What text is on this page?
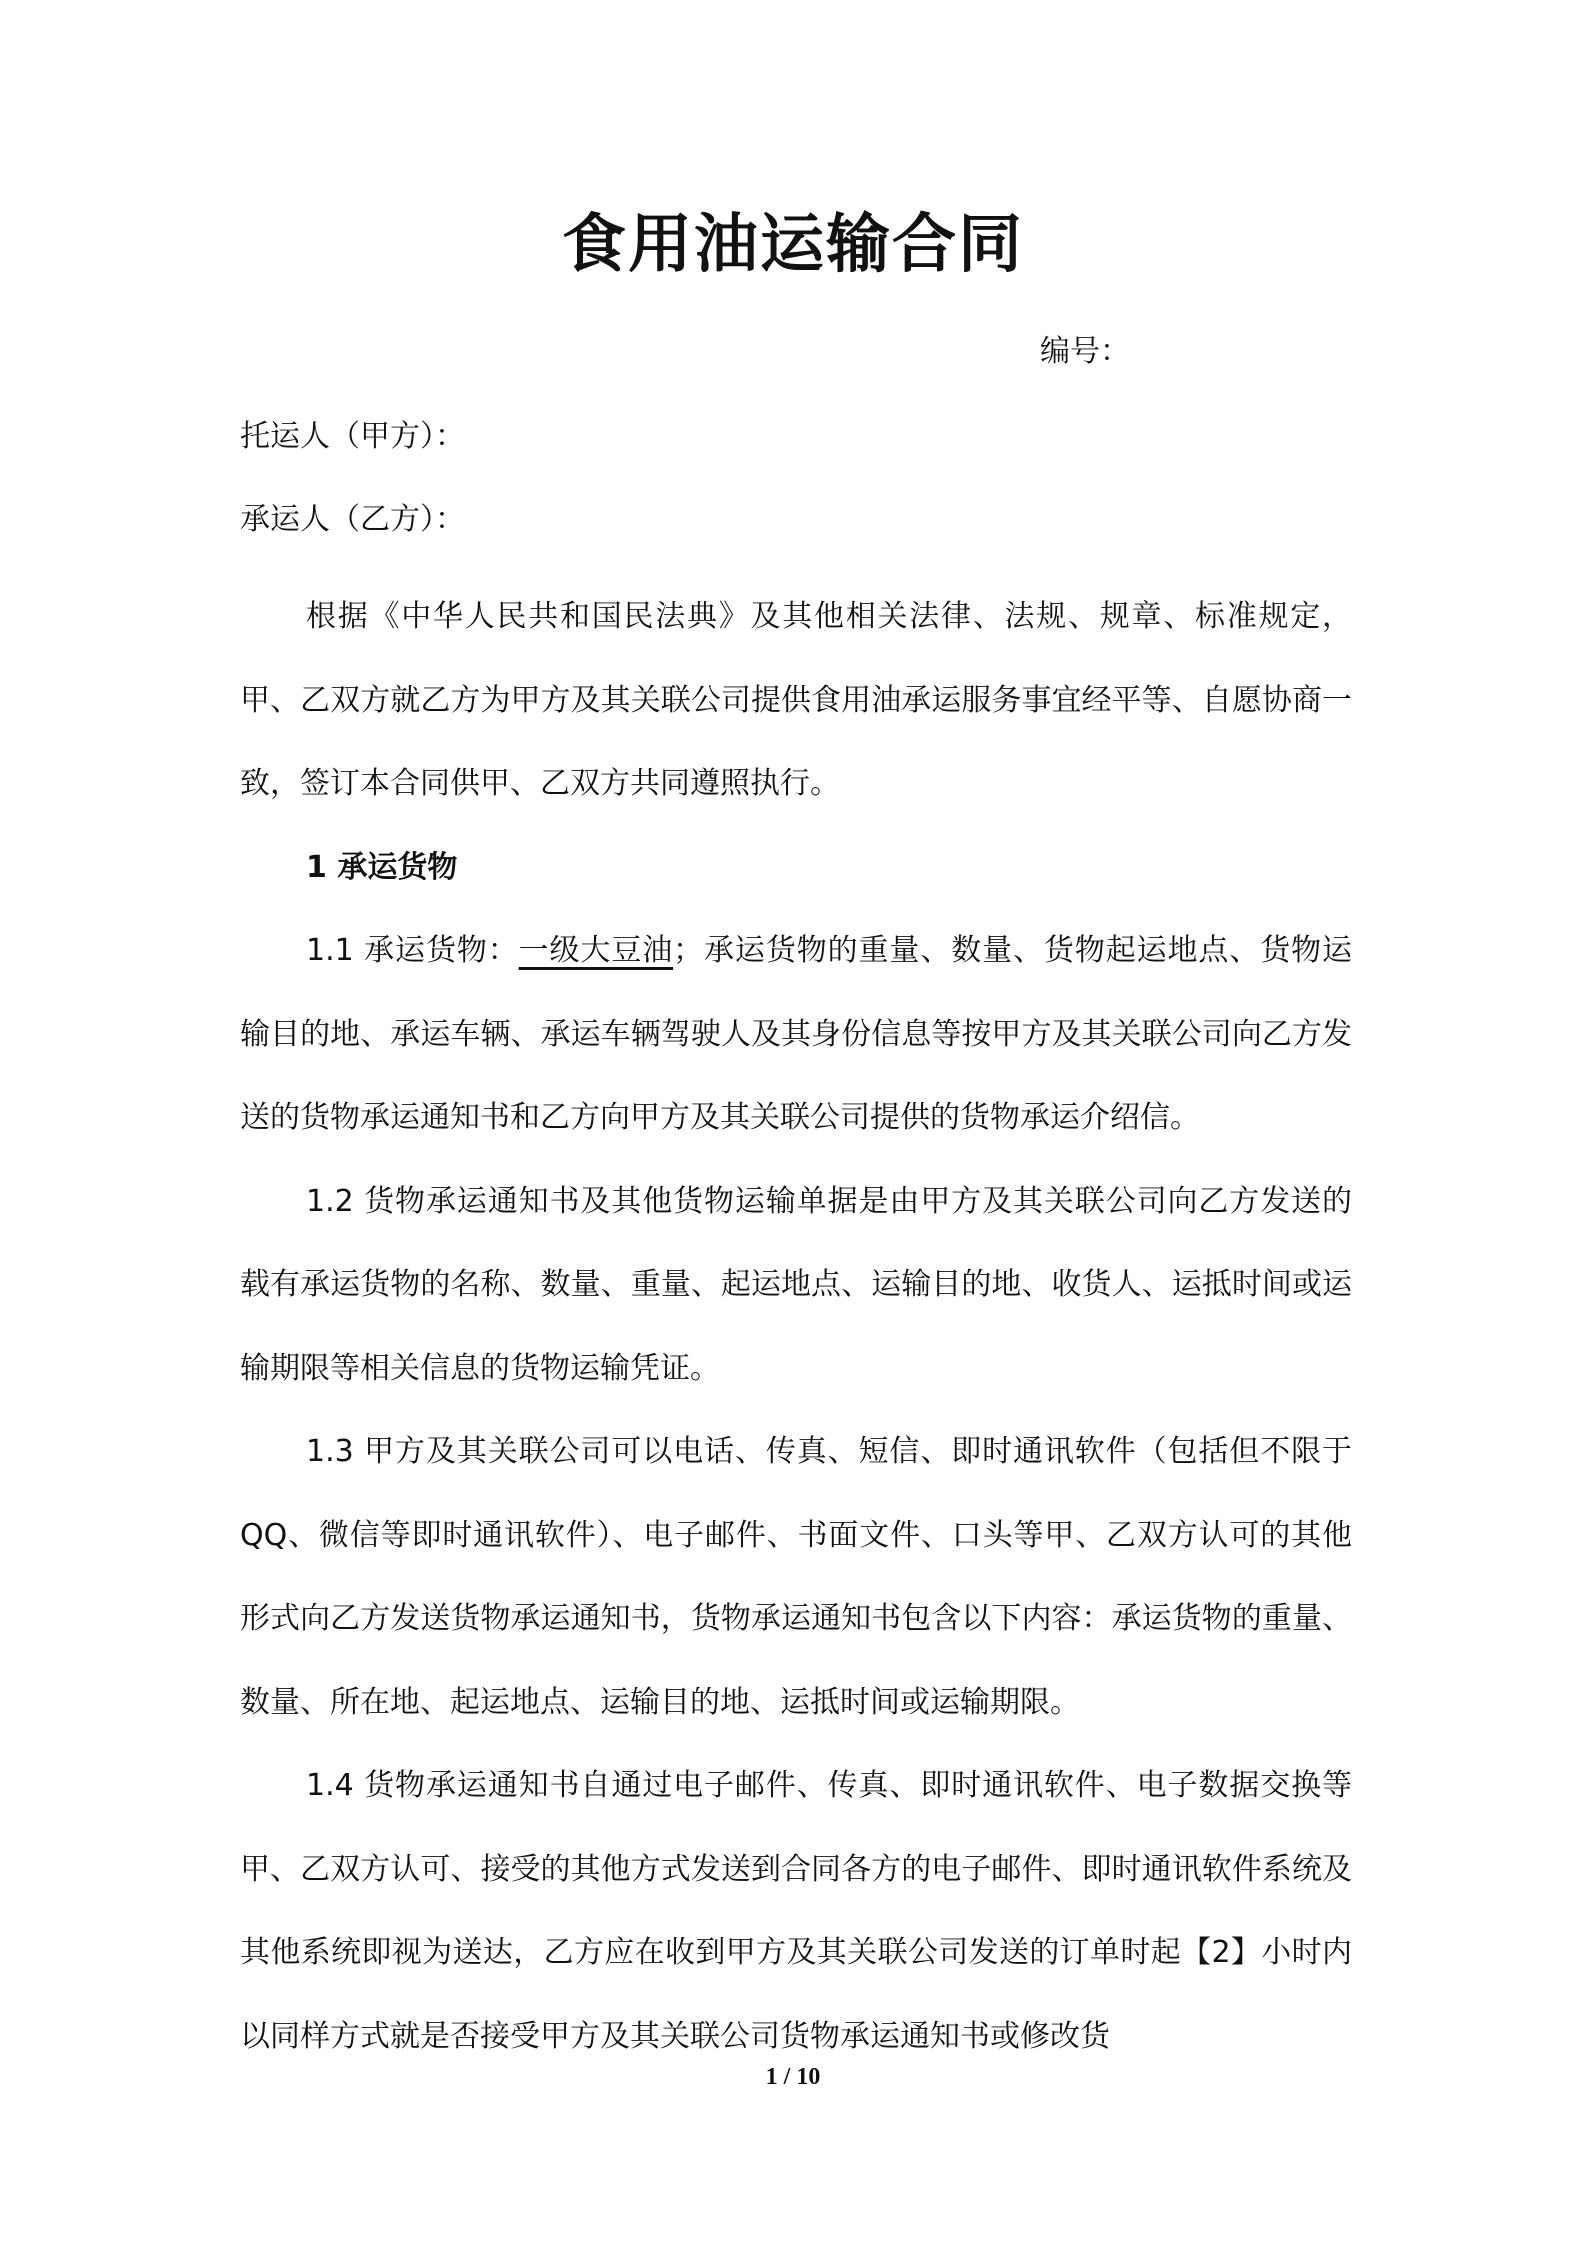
食用油运输合同
编号：
托运人（甲方）：
承运人（乙方）：

根据《中华人民共和国民法典》及其他相关法律、法规、规章、标准规定，甲、乙双方就乙方为甲方及其关联公司提供食用油承运服务事宜经平等、自愿协商一致，签订本合同供甲、乙双方共同遵照执行。

1 承运货物

1.1 承运货物：一级大豆油；承运货物的重量、数量、货物起运地点、货物运输目的地、承运车辆、承运车辆驾驶人及其身份信息等按甲方及其关联公司向乙方发送的货物承运通知书和乙方向甲方及其关联公司提供的货物承运介绍信。

1.2 货物承运通知书及其他货物运输单据是由甲方及其关联公司向乙方发送的载有承运货物的名称、数量、重量、起运地点、运输目的地、收货人、运抵时间或运输期限等相关信息的货物运输凭证。

1.3 甲方及其关联公司可以电话、传真、短信、即时通讯软件（包括但不限于 QQ、微信等即时通讯软件）、电子邮件、书面文件、口头等甲、乙双方认可的其他形式向乙方发送货物承运通知书，货物承运通知书包含以下内容：承运货物的重量、数量、所在地、起运地点、运输目的地、运抵时间或运输期限。

1.4 货物承运通知书自通过电子邮件、传真、即时通讯软件、电子数据交换等甲、乙双方认可、接受的其他方式发送到合同各方的电子邮件、即时通讯软件系统及其他系统即视为送达，乙方应在收到甲方及其关联公司发送的订单时起【2】小时内以同样方式就是否接受甲方及其关联公司货物承运通知书或修改货

1 / 10
